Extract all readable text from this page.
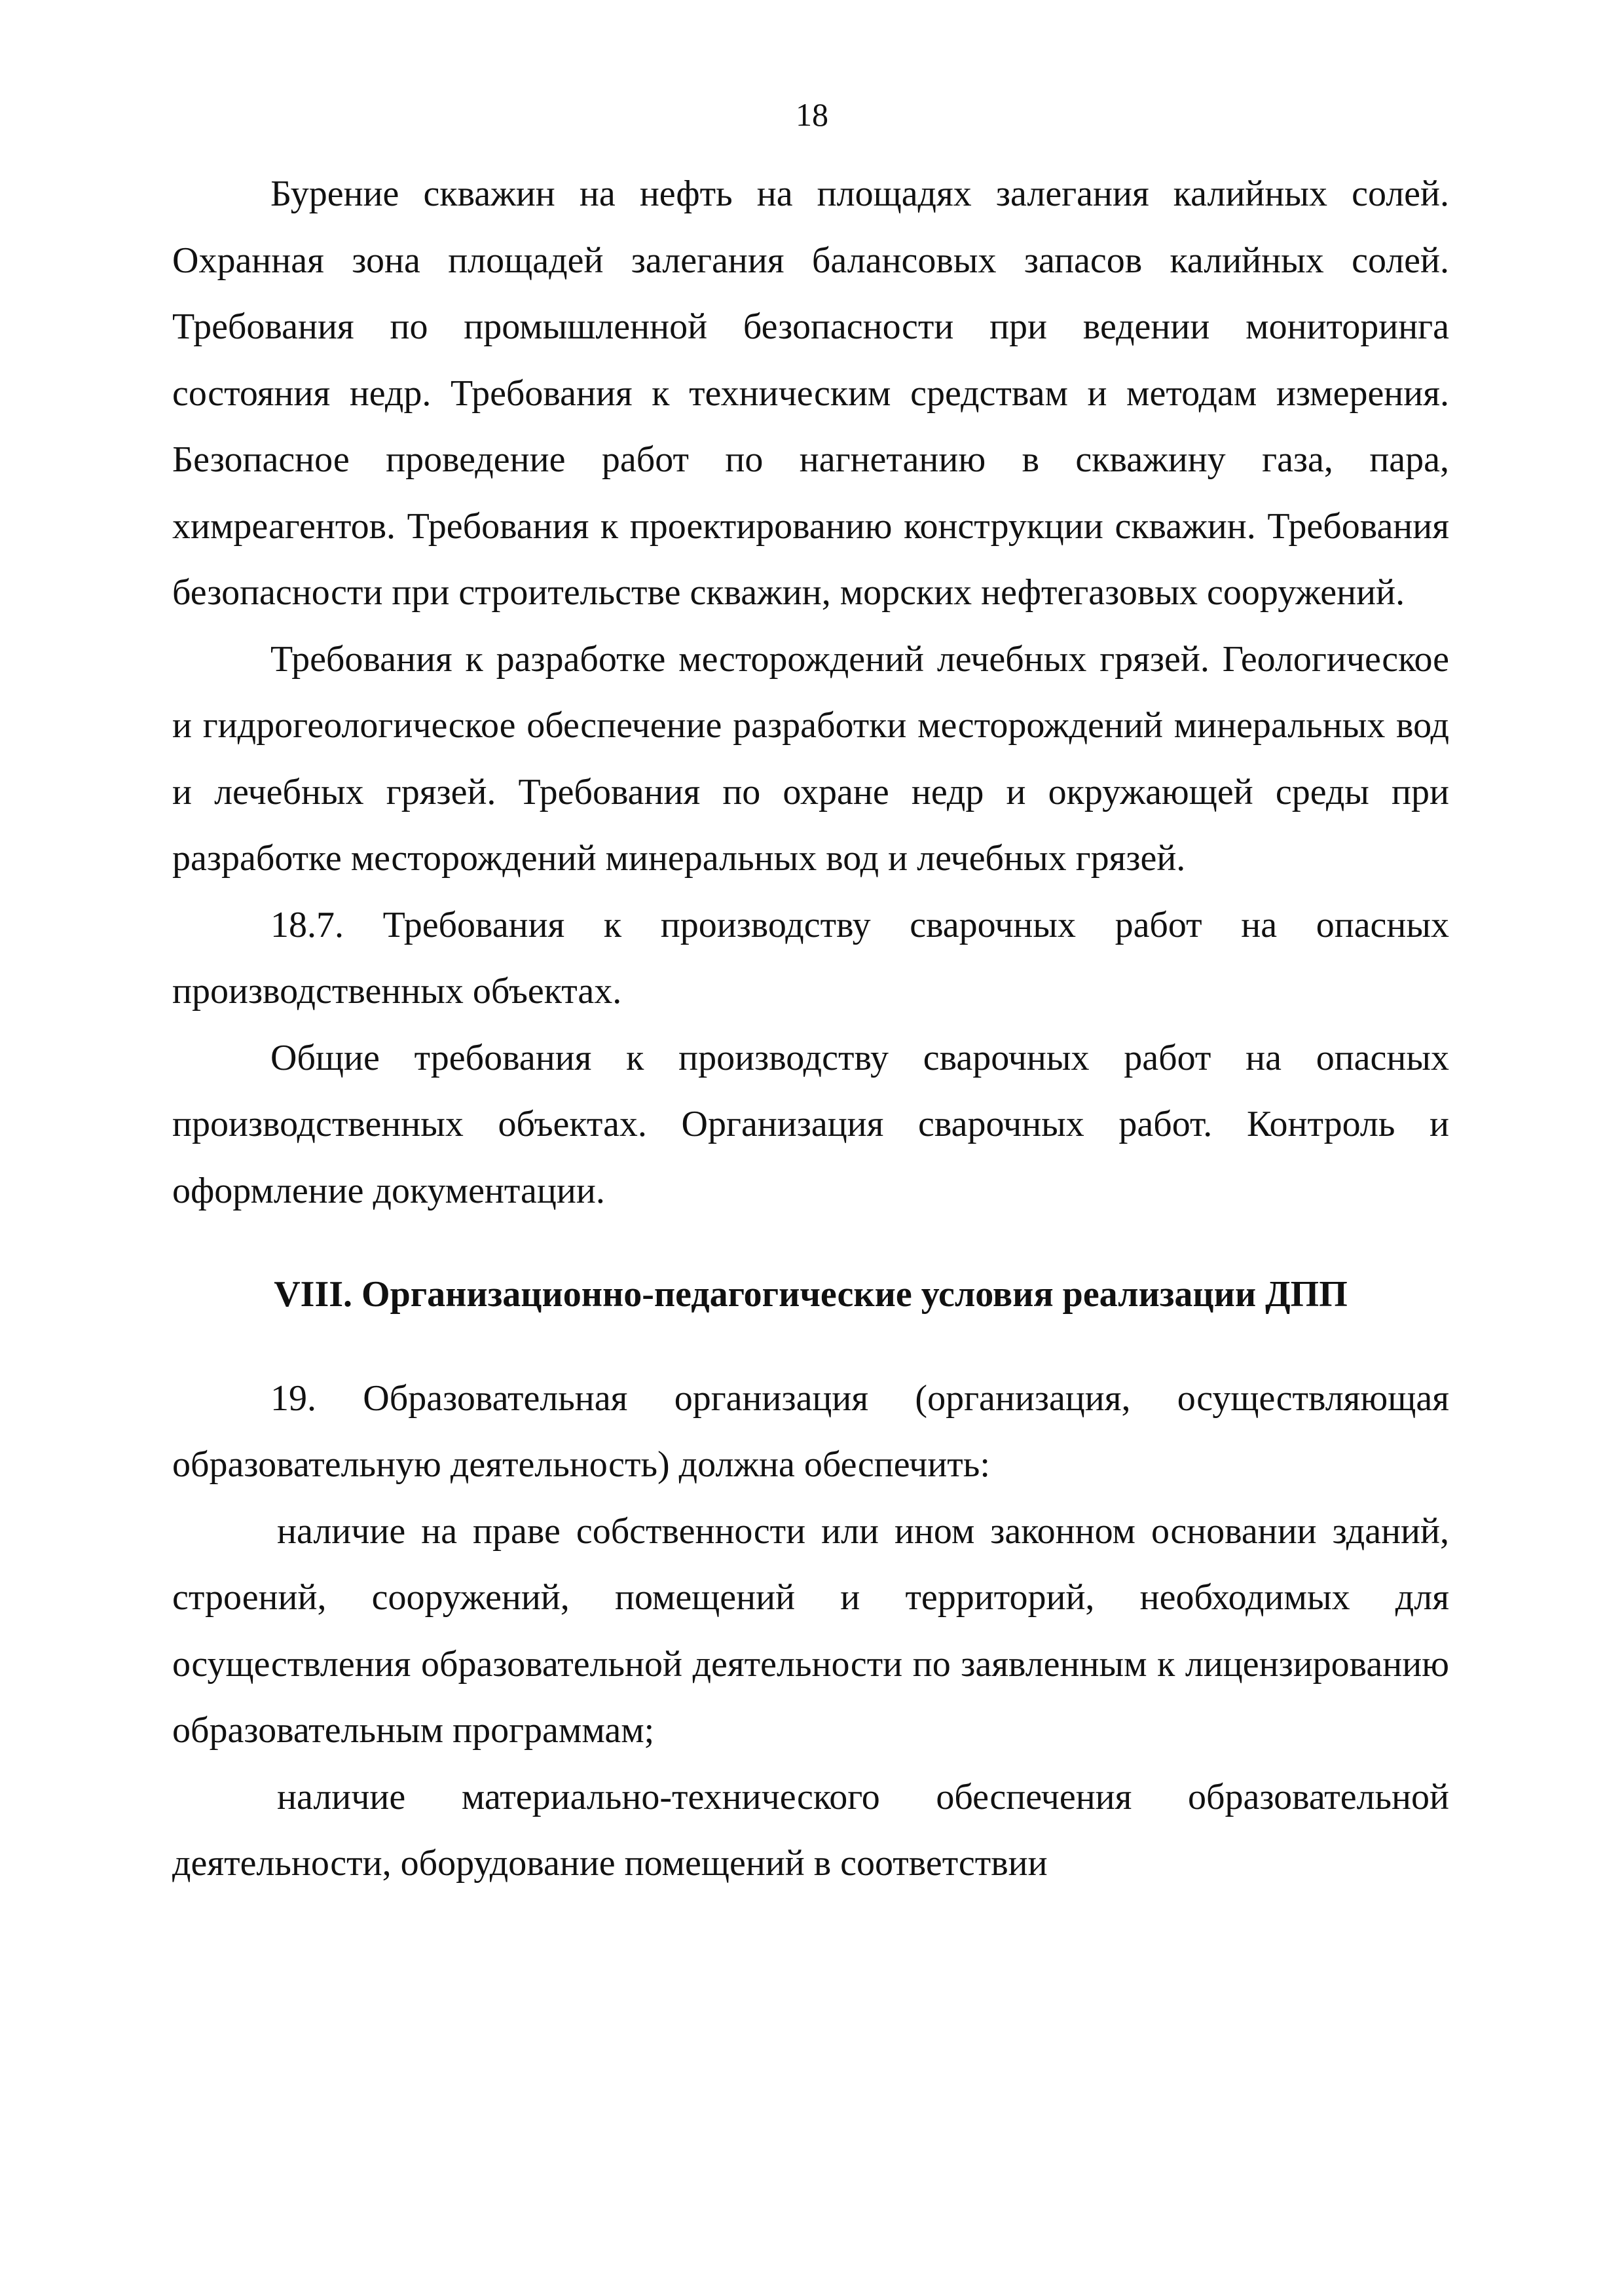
18

Бурение скважин на нефть на площадях залегания калийных солей. Охранная зона площадей залегания балансовых запасов калийных солей. Требования по промышленной безопасности при ведении мониторинга состояния недр. Требования к техническим средствам и методам измерения. Безопасное проведение работ по нагнетанию в скважину газа, пара, химреагентов. Требования к проектированию конструкции скважин. Требования безопасности при строительстве скважин, морских нефтегазовых сооружений.

Требования к разработке месторождений лечебных грязей. Геологическое и гидрогеологическое обеспечение разработки месторождений минеральных вод и лечебных грязей. Требования по охране недр и окружающей среды при разработке месторождений минеральных вод и лечебных грязей.

18.7. Требования к производству сварочных работ на опасных производственных объектах.

Общие требования к производству сварочных работ на опасных производственных объектах. Организация сварочных работ. Контроль и оформление документации.

VIII. Организационно-педагогические условия реализации ДПП

19. Образовательная организация (организация, осуществляющая образовательную деятельность) должна обеспечить:

наличие на праве собственности или ином законном основании зданий, строений, сооружений, помещений и территорий, необходимых для осуществления образовательной деятельности по заявленным к лицензированию образовательным программам;

наличие материально-технического обеспечения образовательной деятельности, оборудование помещений в соответствии
